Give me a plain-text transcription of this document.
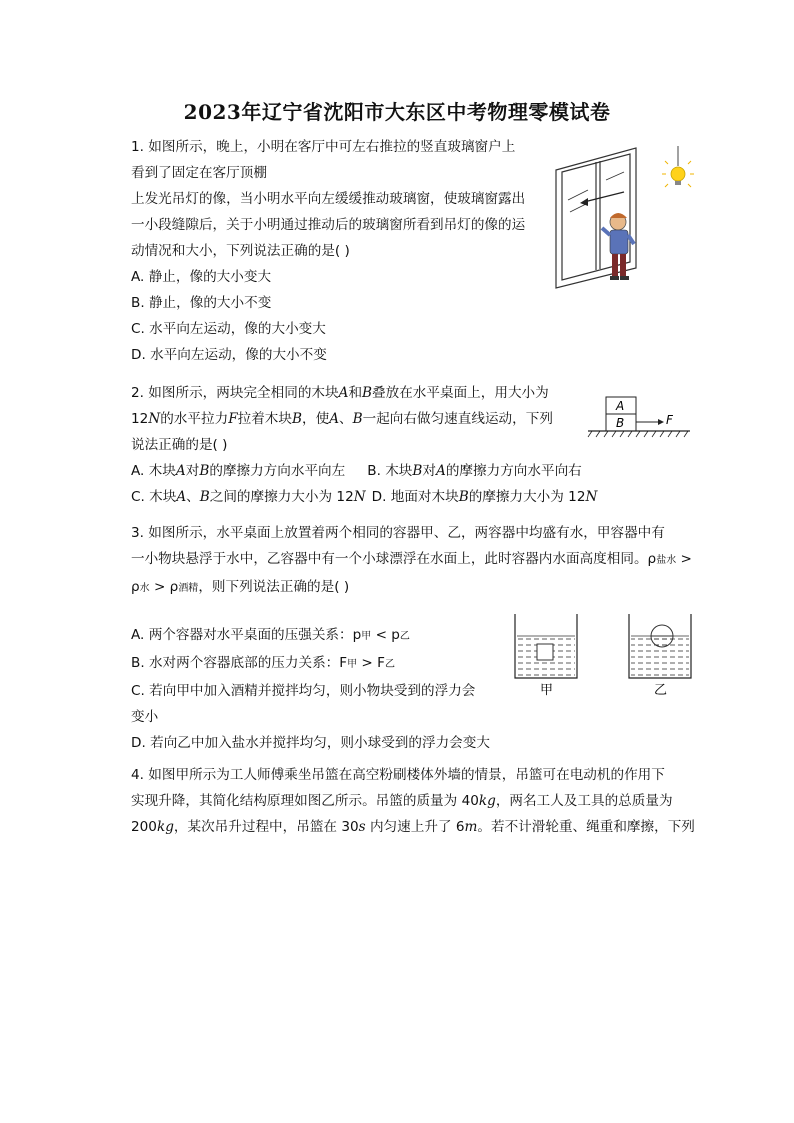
2023年辽宁省沈阳市大东区中考物理零模试卷

1. 如图所示，晚上，小明在客厅中可左右推拉的竖直玻璃窗户上

看到了固定在客厅顶棚

上发光吊灯的像，当小明水平向左缓缓推动玻璃窗，使玻璃窗露出

一小段缝隙后，关于小明通过推动后的玻璃窗所看到吊灯的像的运

动情况和大小，下列说法正确的是( )

A. 静止，像的大小变大

B. 静止，像的大小不变

C. 水平向左运动，像的大小变大

D. 水平向左运动，像的大小不变

2. 如图所示，两块完全相同的木块A和B叠放在水平桌面上，用大小为

12N的水平拉力F拉着木块B，使A、B一起向右做匀速直线运动，下列

说法正确的是( )

A. 木块A对B的摩擦力方向水平向左 B. 木块B对A的摩擦力方向水平向右

C. 木块A、B之间的摩擦力大小为 12N D. 地面对木块B的摩擦力大小为 12N

A
B	F

3. 如图所示，水平桌面上放置着两个相同的容器甲、乙，两容器中均盛有水，甲容器中有

一小物块悬浮于水中，乙容器中有一个小球漂浮在水面上，此时容器内水面高度相同。ρ盐水 >

ρ水 > ρ酒精，则下列说法正确的是( )

A. 两个容器对水平桌面的压强关系：p甲 < p乙

B. 水对两个容器底部的压力关系：F甲 > F乙

C. 若向甲中加入酒精并搅拌均匀，则小物块受到的浮力会

变小

D. 若向乙中加入盐水并搅拌均匀，则小球受到的浮力会变大

甲	乙

4. 如图甲所示为工人师傅乘坐吊篮在高空粉刷楼体外墙的情景，吊篮可在电动机的作用下

实现升降，其简化结构原理如图乙所示。吊篮的质量为 40kg，两名工人及工具的总质量为

200kg，某次吊升过程中，吊篮在 30s 内匀速上升了 6m。若不计滑轮重、绳重和摩擦，下列
